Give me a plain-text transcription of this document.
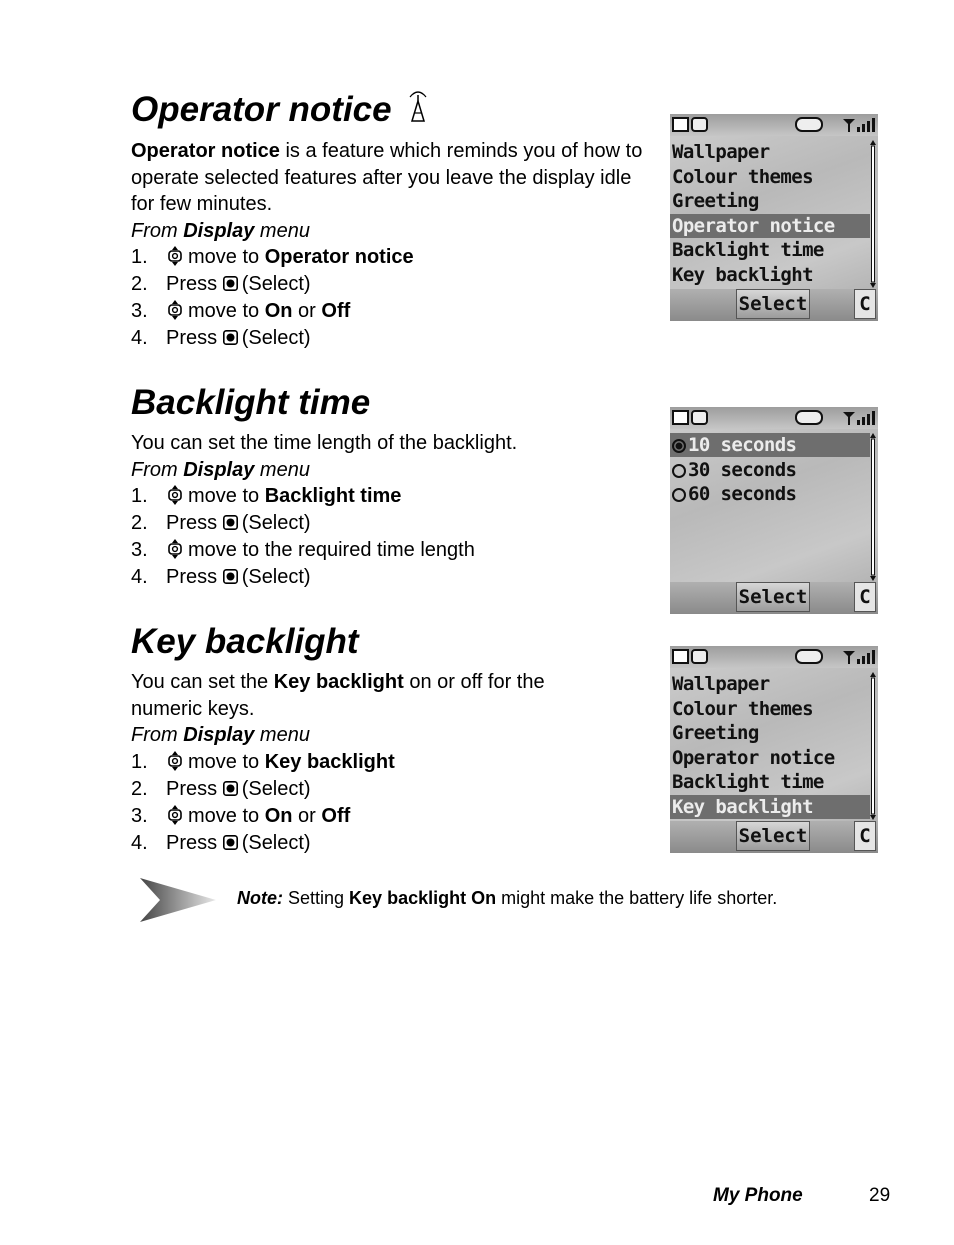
Operator notice

Operator notice is a feature which reminds you of how to operate selected features after you leave the display idle for few minutes.

From Display menu

1. move to Operator notice
2. Press (Select)
3. move to On or Off
4. Press (Select)
Backlight time

You can set the time length of the backlight.

From Display menu

1. move to Backlight time
2. Press (Select)
3. move to the required time length
4. Press (Select)
Key backlight

You can set the Key backlight on or off for the numeric keys.

From Display menu

1. move to Key backlight
2. Press (Select)
3. move to On or Off
4. Press (Select)
Wallpaper
Colour themes
Greeting
Operator notice
Backlight time
Key backlight
Select	C
10 seconds
30 seconds
60 seconds
Select	C
Wallpaper
Colour themes
Greeting
Operator notice
Backlight time
Key backlight
Select	C
Note: Setting Key backlight On might make the battery life shorter.
My Phone	29
